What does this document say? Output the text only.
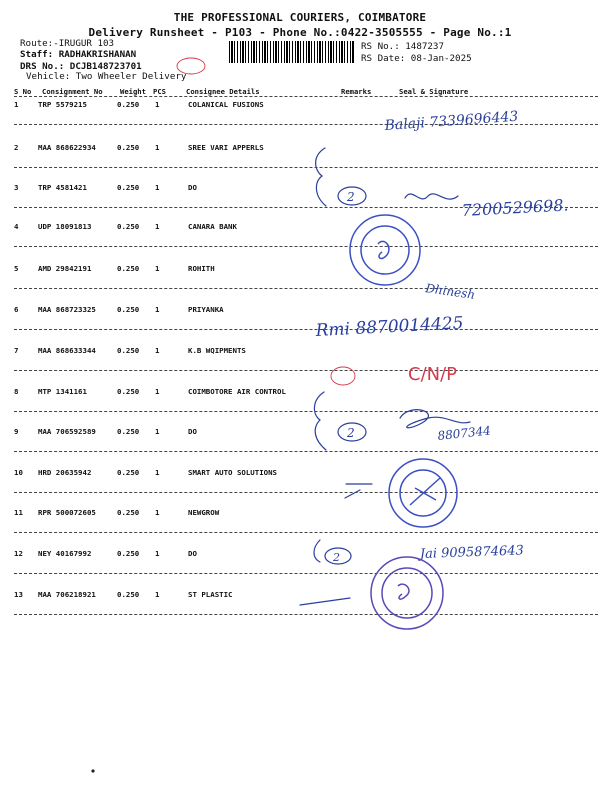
THE PROFESSIONAL COURIERS, COIMBATORE
Delivery Runsheet - P103 - Phone No.:0422-3505555 - Page No.:1
Route:-IRUGUR 103
Staff: RADHAKRISHANAN
DRS No.: DCJB148723701
Vehicle: Two Wheeler Delivery
RS No.: 1487237
RS Date: 08-Jan-2025
S No Consignment No Weight PCS	Consignee Details	Remarks	Seal & Signature
1	TRP 5579215	0.250 1	COLANICAL FUSIONS
2	MAA 868622934	0.250 1	SREE VARI APPERLS
3	TRP 4581421	0.250 1	DO
4	UDP 18091813	0.250 1	CANARA BANK
5	AMD 29842191	0.250 1	ROHITH
6	MAA 868723325	0.250 1	PRIYANKA
7	MAA 868633344	0.250 1	K.B WQIPMENTS
8	MTP 1341161	0.250 1	COIMBOTORE AIR CONTROL
9	MAA 706592589	0.250 1	DO
10 HRD 20635942	0.250 1	SMART AUTO SOLUTIONS
11 RPR 500072605	0.250 1	NEWGROW
12 NEY 40167992	0.250 1	DO
13 MAA 706218921	0.250 1	ST PLASTIC
2
2
2
Balaji 7339696443
7200529698.
Dhinesh
Rmi 8870014425
8807344
Jai 9095874643
C/N/P
